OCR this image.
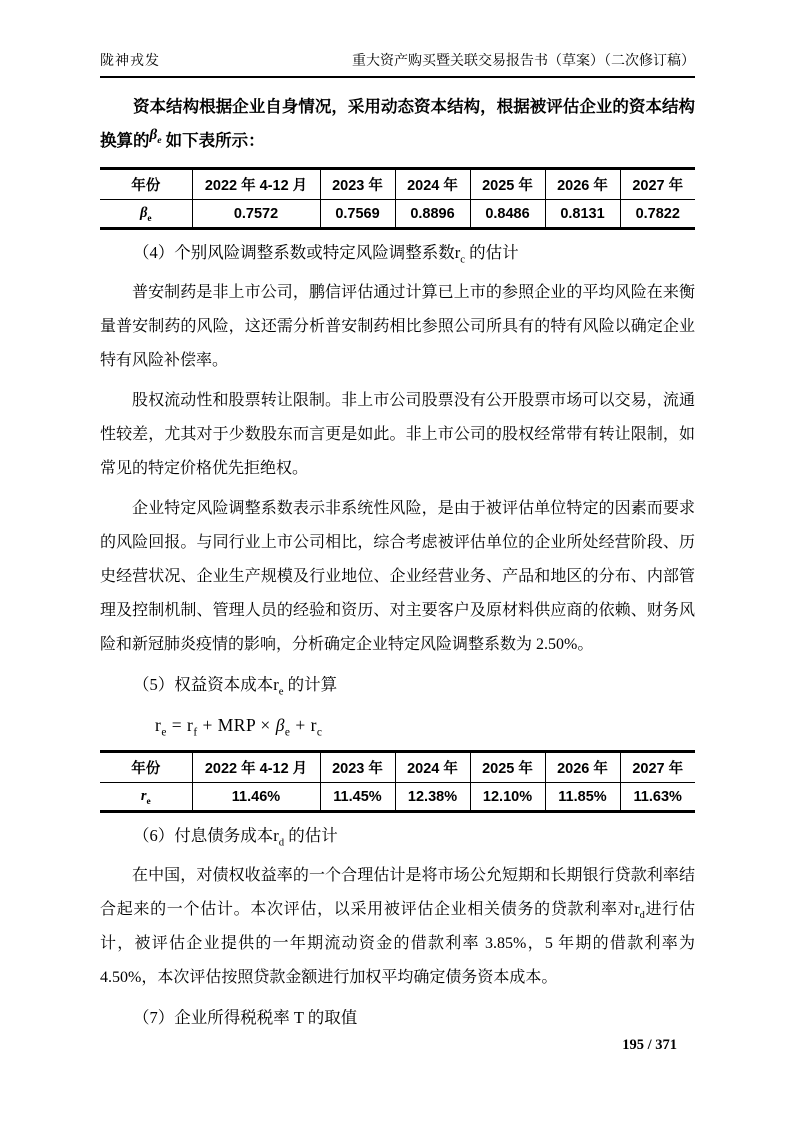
陇神戎发	重大资产购买暨关联交易报告书（草案）（二次修订稿）

资本结构根据企业自身情况，采用动态资本结构，根据被评估企业的资本结构换算的$\beta_e$ 如下表所示：

年份	2022 年 4-12 月	2023 年	2024 年	2025 年	2026 年	2027 年
$\beta_e$	0.7572	0.7569	0.8896	0.8486	0.8131	0.7822

（4）个别风险调整系数或特定风险调整系数$r_c$ 的估计

普安制药是非上市公司，鹏信评估通过计算已上市的参照企业的平均风险在来衡量普安制药的风险，这还需分析普安制药相比参照公司所具有的特有风险以确定企业特有风险补偿率。

股权流动性和股票转让限制。非上市公司股票没有公开股票市场可以交易，流通性较差，尤其对于少数股东而言更是如此。非上市公司的股权经常带有转让限制，如常见的特定价格优先拒绝权。

企业特定风险调整系数表示非系统性风险，是由于被评估单位特定的因素而要求的风险回报。与同行业上市公司相比，综合考虑被评估单位的企业所处经营阶段、历史经营状况、企业生产规模及行业地位、企业经营业务、产品和地区的分布、内部管理及控制机制、管理人员的经验和资历、对主要客户及原材料供应商的依赖、财务风险和新冠肺炎疫情的影响，分析确定企业特定风险调整系数为 2.50%。

（5）权益资本成本$r_e$ 的计算

$r_e = r_f$ + MRP × $\beta_e + r_c$

年份	2022 年 4-12 月	2023 年	2024 年	2025 年	2026 年	2027 年
$r_e$	11.46%	11.45%	12.38%	12.10%	11.85%	11.63%

（6）付息债务成本$r_d$ 的估计

在中国，对债权收益率的一个合理估计是将市场公允短期和长期银行贷款利率结合起来的一个估计。本次评估，以采用被评估企业相关债务的贷款利率对$r_d$进行估计，被评估企业提供的一年期流动资金的借款利率 3.85%，5 年期的借款利率为 4.50%，本次评估按照贷款金额进行加权平均确定债务资本成本。

（7）企业所得税税率 T 的取值

195 / 371
